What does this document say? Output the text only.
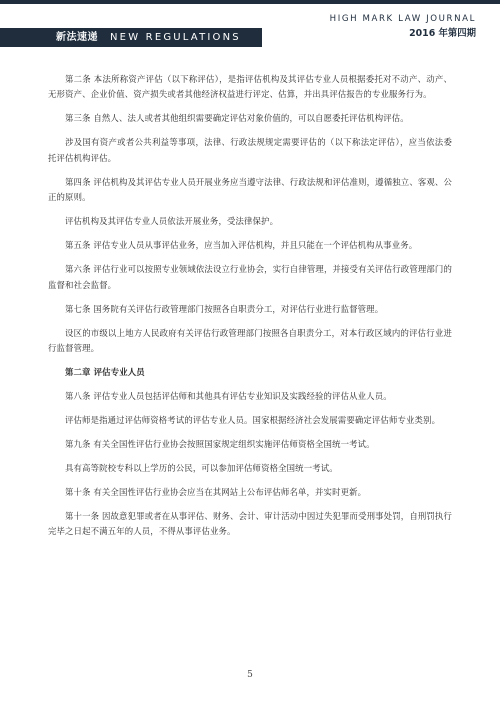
新法速递 NEW REGULATIONS
HIGH MARK LAW JOURNAL
2016 年第四期

第二条 本法所称资产评估（以下称评估），是指评估机构及其评估专业人员根据委托对不动产、动产、无形资产、企业价值、资产损失或者其他经济权益进行评定、估算，并出具评估报告的专业服务行为。

第三条 自然人、法人或者其他组织需要确定评估对象价值的，可以自愿委托评估机构评估。

涉及国有资产或者公共利益等事项，法律、行政法规规定需要评估的（以下称法定评估），应当依法委托评估机构评估。

第四条 评估机构及其评估专业人员开展业务应当遵守法律、行政法规和评估准则，遵循独立、客观、公正的原则。

评估机构及其评估专业人员依法开展业务，受法律保护。

第五条 评估专业人员从事评估业务，应当加入评估机构，并且只能在一个评估机构从事业务。

第六条 评估行业可以按照专业领域依法设立行业协会，实行自律管理，并接受有关评估行政管理部门的监督和社会监督。

第七条 国务院有关评估行政管理部门按照各自职责分工，对评估行业进行监督管理。

设区的市级以上地方人民政府有关评估行政管理部门按照各自职责分工，对本行政区域内的评估行业进行监督管理。

第二章 评估专业人员

第八条 评估专业人员包括评估师和其他具有评估专业知识及实践经验的评估从业人员。

评估师是指通过评估师资格考试的评估专业人员。国家根据经济社会发展需要确定评估师专业类别。

第九条 有关全国性评估行业协会按照国家规定组织实施评估师资格全国统一考试。

具有高等院校专科以上学历的公民，可以参加评估师资格全国统一考试。

第十条 有关全国性评估行业协会应当在其网站上公布评估师名单，并实时更新。

第十一条 因故意犯罪或者在从事评估、财务、会计、审计活动中因过失犯罪而受刑事处罚，自刑罚执行完毕之日起不满五年的人员，不得从事评估业务。

5
